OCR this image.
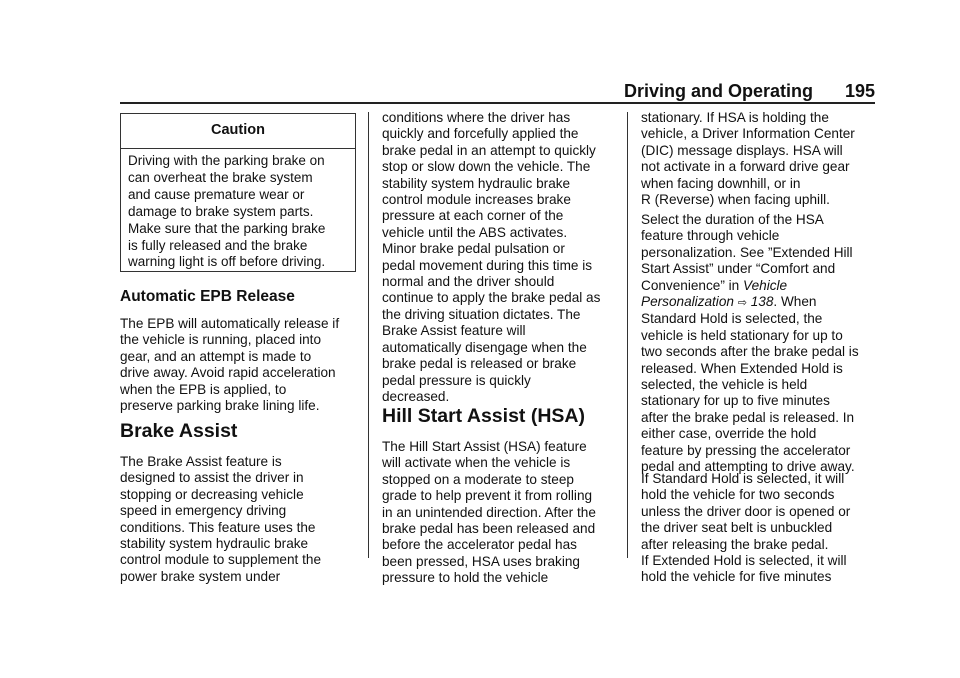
Driving and Operating 195
Caution

Driving with the parking brake on
can overheat the brake system
and cause premature wear or
damage to brake system parts.
Make sure that the parking brake
is fully released and the brake
warning light is off before driving.

Automatic EPB Release

The EPB will automatically release if
the vehicle is running, placed into
gear, and an attempt is made to
drive away. Avoid rapid acceleration
when the EPB is applied, to
preserve parking brake lining life.

Brake Assist

The Brake Assist feature is
designed to assist the driver in
stopping or decreasing vehicle
speed in emergency driving
conditions. This feature uses the
stability system hydraulic brake
control module to supplement the
power brake system under

conditions where the driver has
quickly and forcefully applied the
brake pedal in an attempt to quickly
stop or slow down the vehicle. The
stability system hydraulic brake
control module increases brake
pressure at each corner of the
vehicle until the ABS activates.
Minor brake pedal pulsation or
pedal movement during this time is
normal and the driver should
continue to apply the brake pedal as
the driving situation dictates. The
Brake Assist feature will
automatically disengage when the
brake pedal is released or brake
pedal pressure is quickly
decreased.

Hill Start Assist (HSA)

The Hill Start Assist (HSA) feature
will activate when the vehicle is
stopped on a moderate to steep
grade to help prevent it from rolling
in an unintended direction. After the
brake pedal has been released and
before the accelerator pedal has
been pressed, HSA uses braking
pressure to hold the vehicle

stationary. If HSA is holding the
vehicle, a Driver Information Center
(DIC) message displays. HSA will
not activate in a forward drive gear
when facing downhill, or in
R (Reverse) when facing uphill.

Select the duration of the HSA
feature through vehicle
personalization. See ”Extended Hill
Start Assist” under “Comfort and
Convenience” in Vehicle
Personalization ⇨ 138. When
Standard Hold is selected, the
vehicle is held stationary for up to
two seconds after the brake pedal is
released. When Extended Hold is
selected, the vehicle is held
stationary for up to five minutes
after the brake pedal is released. In
either case, override the hold
feature by pressing the accelerator
pedal and attempting to drive away.

If Standard Hold is selected, it will
hold the vehicle for two seconds
unless the driver door is opened or
the driver seat belt is unbuckled
after releasing the brake pedal.
If Extended Hold is selected, it will
hold the vehicle for five minutes
